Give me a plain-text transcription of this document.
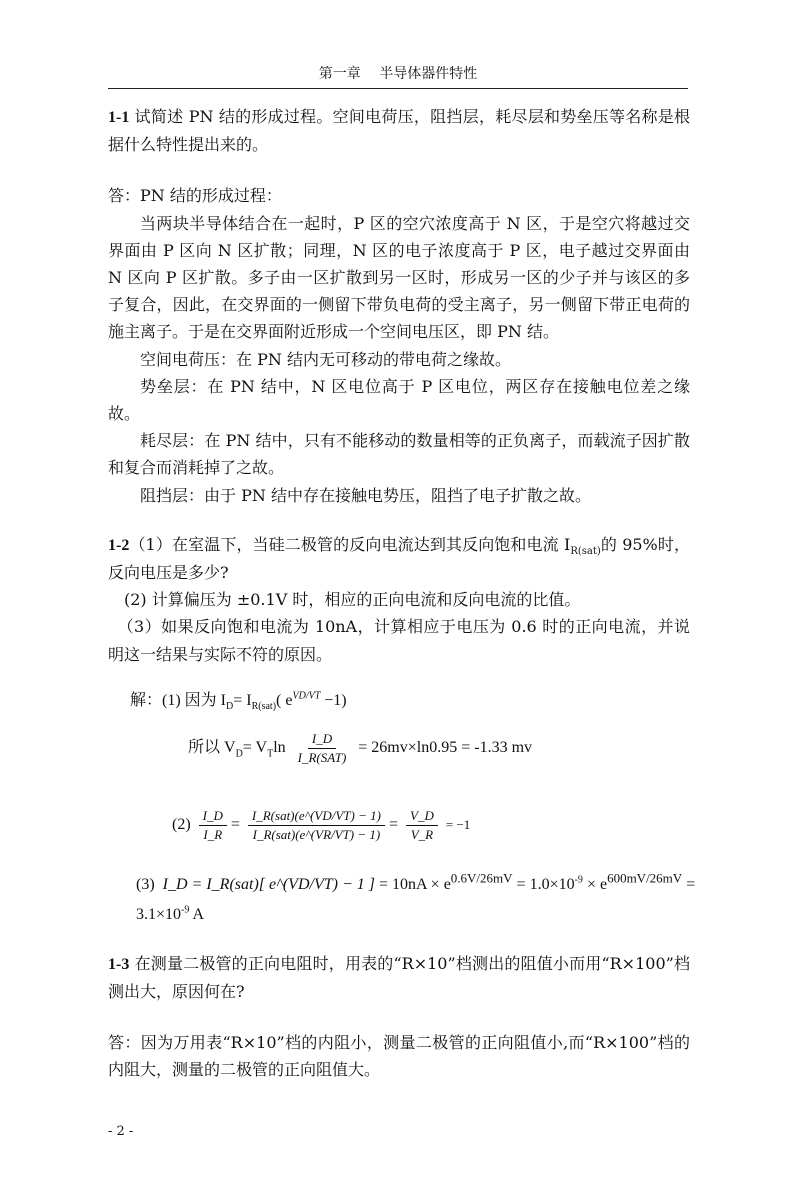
第一章　 半导体器件特性

1-1 试简述 PN 结的形成过程。空间电荷压，阻挡层，耗尽层和势垒压等名称是根据什么特性提出来的。

答：PN 结的形成过程：

当两块半导体结合在一起时，P 区的空穴浓度高于 N 区，于是空穴将越过交界面由 P 区向 N 区扩散；同理，N 区的电子浓度高于 P 区，电子越过交界面由 N 区向 P 区扩散。多子由一区扩散到另一区时，形成另一区的少子并与该区的多子复合，因此，在交界面的一侧留下带负电荷的受主离子，另一侧留下带正电荷的施主离子。于是在交界面附近形成一个空间电压区，即 PN 结。

空间电荷压：在 PN 结内无可移动的带电荷之缘故。

势垒层：在 PN 结中，N 区电位高于 P 区电位，两区存在接触电位差之缘故。

耗尽层：在 PN 结中，只有不能移动的数量相等的正负离子，而载流子因扩散和复合而消耗掉了之故。

阻挡层：由于 PN 结中存在接触电势压，阻挡了电子扩散之故。

1-2（1）在室温下，当硅二极管的反向电流达到其反向饱和电流 $I_{R(sat)}$的 95%时，反向电压是多少?

(2) 计算偏压为 ±0.1V 时，相应的正向电流和反向电流的比值。

（3）如果反向饱和电流为 10nA，计算相应于电压为 0.6 时的正向电流，并说明这一结果与实际不符的原因。

解：(1) 因为 $I_D= I_{R(sat)}$( $e^{VD/VT} -1$)
所以 $V_D= V_T\ln \frac{I\_D}{\text{I\_R(SAT)}} = 26mv\times\ln 0.95 = -1.33$ mv
$(2) \frac{I\_D}{I\_R} = \frac{\text{I\_R(sat)(e\textasciicircum{}(VD/VT) − 1)}}{\text{I\_R(sat)(e\textasciicircum{}(VR/VT) − 1)}} = \frac{V\_D}{V\_R} = -1$
(3) I_D = I_R(sat)[ e^(VD/VT) − 1 ] = $10nA \times e^{0.6V/26mV} = 1.0\times 10^{-9} \times e^{600mV/26mV} = 3.1\times 10^{-9}$ A

1-3 在测量二极管的正向电阻时，用表的“R×10”档测出的阻值小而用“R×100”档测出大，原因何在?

答：因为万用表“R×10”档的内阻小，测量二极管的正向阻值小,而“R×100”档的内阻大，测量的二极管的正向阻值大。

- 2 -
